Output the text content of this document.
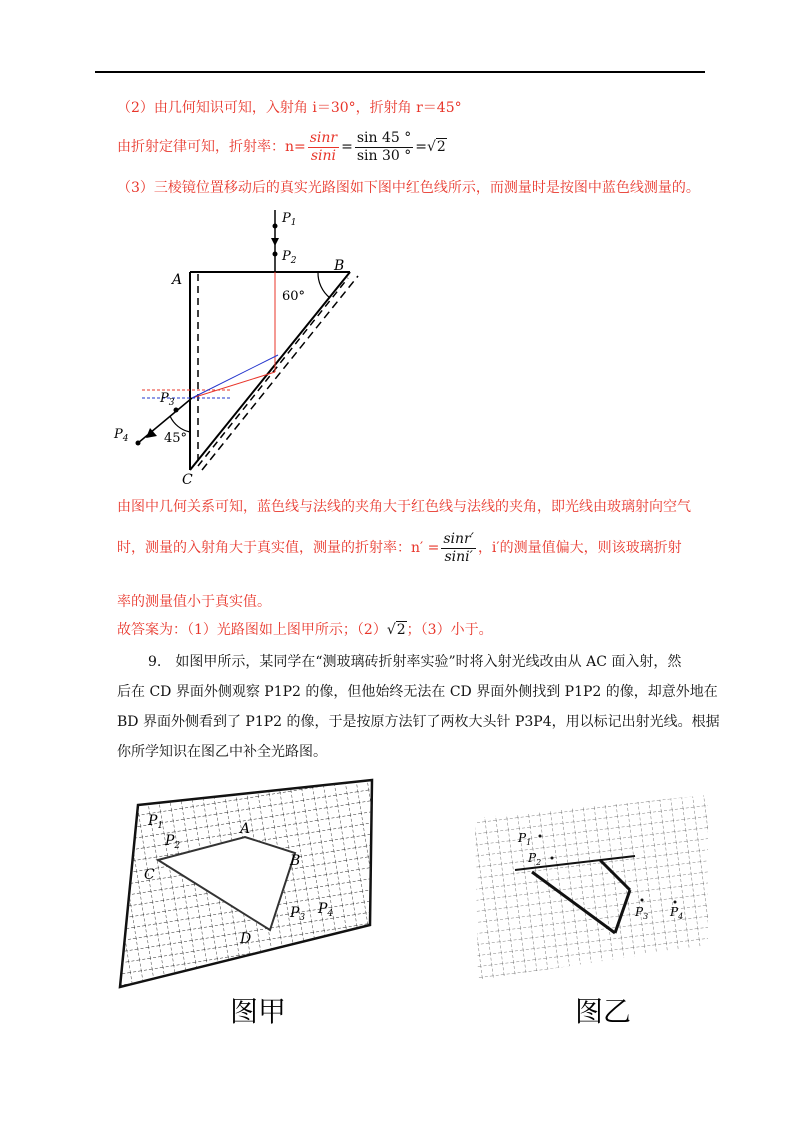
（2）由几何知识可知，入射角 i＝30°，折射角 r＝45°
由折射定律可知，折射率：$n= \frac{\sin r}{\sin i} = \frac{\sin 45 ^\circ}{\sin 30 ^\circ} = √2$
（3）三棱镜位置移动后的真实光路图如下图中红色线所示，而测量时是按图中蓝色线测量的。
$P_1$
$P_2$
A
B
C
60°
$P_3$
$P_4$	45°
由图中几何关系可知，蓝色线与法线的夹角大于红色线与法线的夹角，即光线由玻璃射向空气
时，测量的入射角大于真实值，测量的折射率：$n' = \frac{\sin r'}{\sin i'}$ ，i′的测量值偏大，则该玻璃折射
率的测量值小于真实值。
故答案为：（1）光路图如上图甲所示；（2）√2；（3）小于。
9.　如图甲所示，某同学在“测玻璃砖折射率实验”时将入射光线改由从 AC 面入射，然
后在 CD 界面外侧观察 P1P2 的像，但他始终无法在 CD 界面外侧找到 P1P2 的像，却意外地在
BD 界面外侧看到了 P1P2 的像，于是按原方法钉了两枚大头针 P3P4，用以标记出射光线。根据
你所学知识在图乙中补全光路图。
$P_1$
$P_2$
A
B
C
D
$P_3$
$P_4$
图甲
$P_1$
$P_2$
$P_3$ $P_4$
图乙
